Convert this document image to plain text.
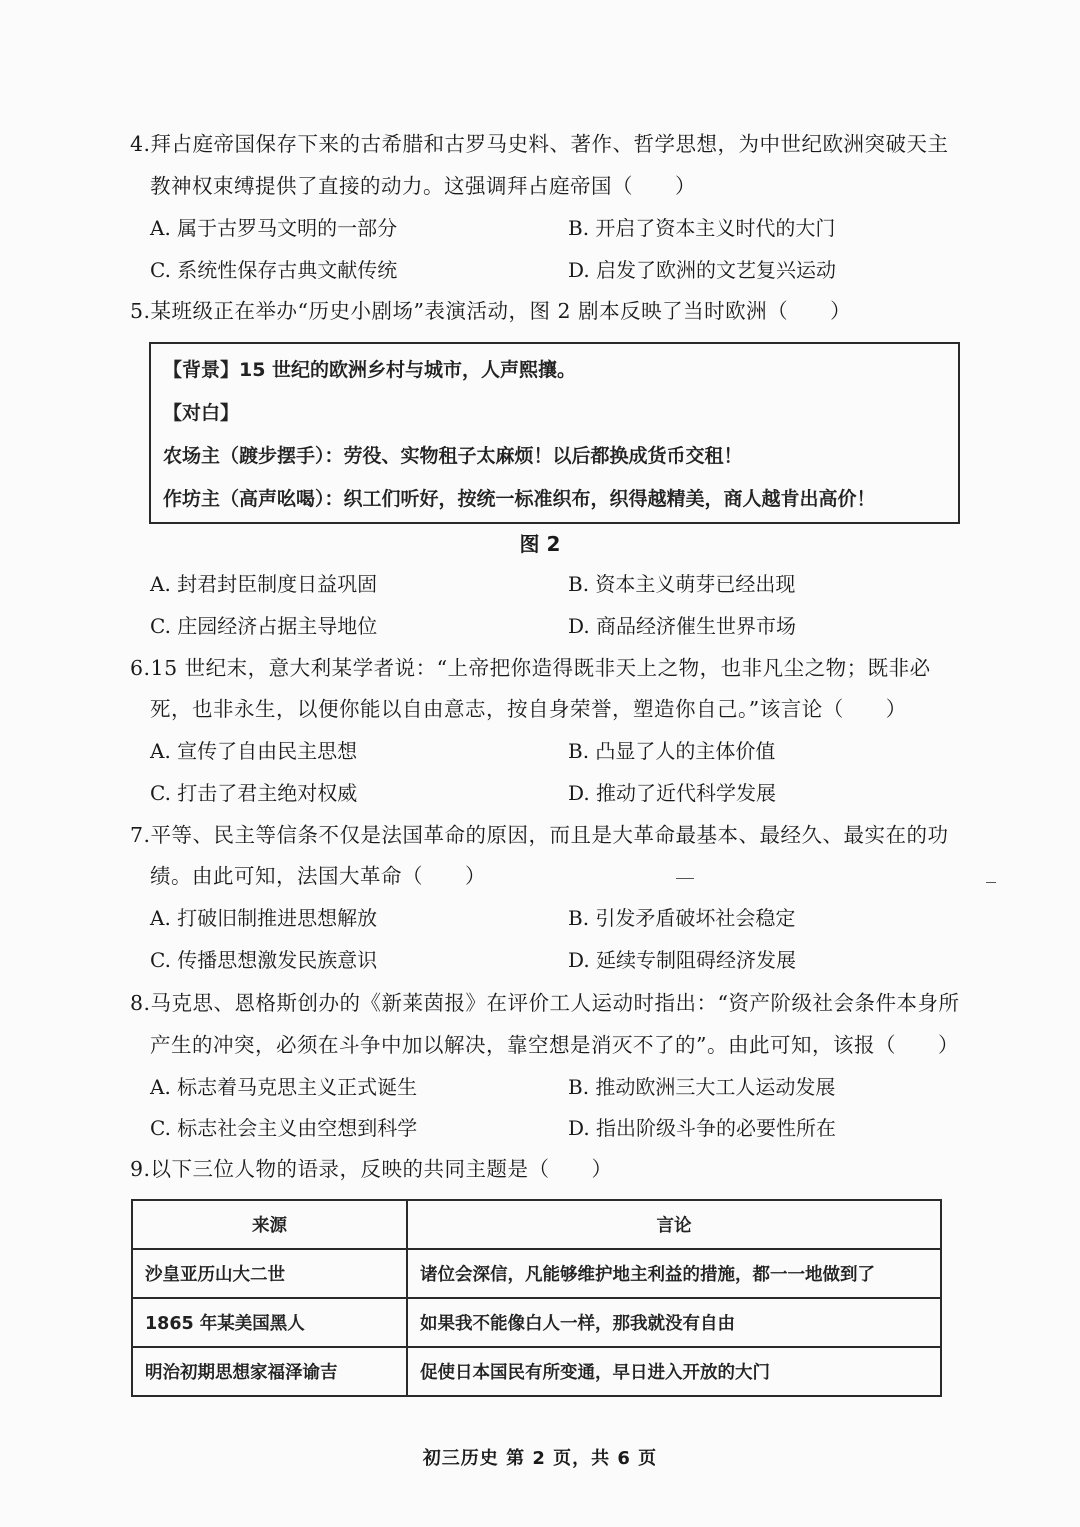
4.拜占庭帝国保存下来的古希腊和古罗马史料、著作、哲学思想，为中世纪欧洲突破天主
教神权束缚提供了直接的动力。这强调拜占庭帝国（　　）
A. 属于古罗马文明的一部分	B. 开启了资本主义时代的大门
C. 系统性保存古典文献传统	D. 启发了欧洲的文艺复兴运动
5.某班级正在举办“历史小剧场”表演活动，图 2 剧本反映了当时欧洲（　　）
【背景】15 世纪的欧洲乡村与城市，人声熙攘。
【对白】
农场主（踱步摆手）：劳役、实物租子太麻烦！以后都换成货币交租！
作坊主（高声吆喝）：织工们听好，按统一标准织布，织得越精美，商人越肯出高价！
图 2
A. 封君封臣制度日益巩固	B. 资本主义萌芽已经出现
C. 庄园经济占据主导地位	D. 商品经济催生世界市场
6.15 世纪末，意大利某学者说：“上帝把你造得既非天上之物，也非凡尘之物；既非必
死，也非永生，以便你能以自由意志，按自身荣誉，塑造你自己。”该言论（　　）
A. 宣传了自由民主思想	B. 凸显了人的主体价值
C. 打击了君主绝对权威	D. 推动了近代科学发展
7.平等、民主等信条不仅是法国革命的原因，而且是大革命最基本、最经久、最实在的功
绩。由此可知，法国大革命（　　）
A. 打破旧制推进思想解放	B. 引发矛盾破坏社会稳定
C. 传播思想激发民族意识	D. 延续专制阻碍经济发展
8.马克思、恩格斯创办的《新莱茵报》在评价工人运动时指出：“资产阶级社会条件本身所
产生的冲突，必须在斗争中加以解决，靠空想是消灭不了的”。由此可知，该报（　　）
A. 标志着马克思主义正式诞生	B. 推动欧洲三大工人运动发展
C. 标志社会主义由空想到科学	D. 指出阶级斗争的必要性所在
9.以下三位人物的语录，反映的共同主题是（　　）
来源	言论
沙皇亚历山大二世	诸位会深信，凡能够维护地主利益的措施，都一一地做到了
1865 年某美国黑人	如果我不能像白人一样，那我就没有自由
明治初期思想家福泽谕吉	促使日本国民有所变通，早日进入开放的大门
初三历史 第 2 页，共 6 页
